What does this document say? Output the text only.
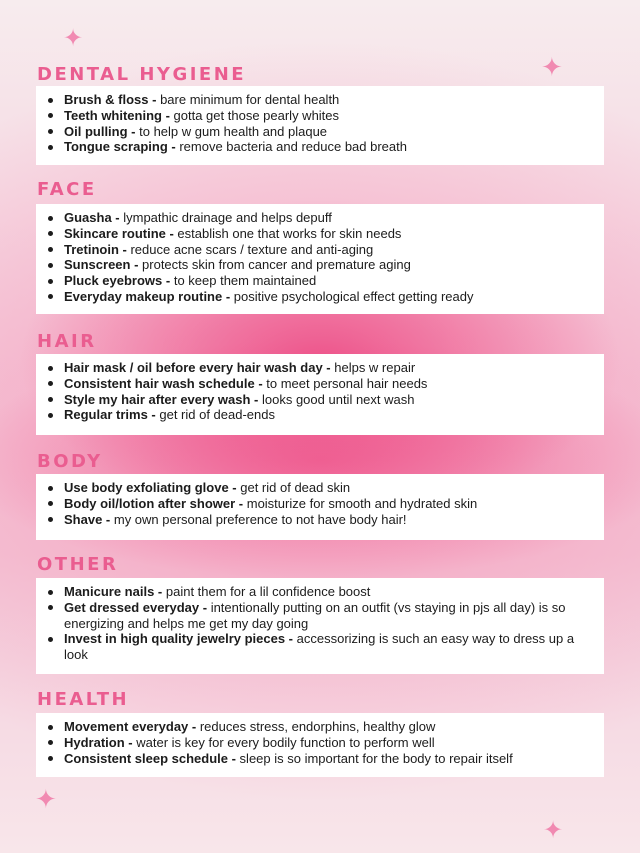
✦
✦
✦
✦
DENTAL HYGIENE
Brush & floss - bare minimum for dental health
Teeth whitening - gotta get those pearly whites
Oil pulling - to help w gum health and plaque
Tongue scraping - remove bacteria and reduce bad breath
FACE
Guasha - lympathic drainage and helps depuff
Skincare routine - establish one that works for skin needs
Tretinoin - reduce acne scars / texture and anti-aging
Sunscreen - protects skin from cancer and premature aging
Pluck eyebrows - to keep them maintained
Everyday makeup routine - positive psychological effect getting ready
HAIR
Hair mask / oil before every hair wash day - helps w repair
Consistent hair wash schedule - to meet personal hair needs
Style my hair after every wash - looks good until next wash
Regular trims - get rid of dead-ends
BODY
Use body exfoliating glove - get rid of dead skin
Body oil/lotion after shower - moisturize for smooth and hydrated skin
Shave - my own personal preference to not have body hair!
OTHER
Manicure nails - paint them for a lil confidence boost
Get dressed everyday - intentionally putting on an outfit (vs staying in pjs all day) is so energizing and helps me get my day going
Invest in high quality jewelry pieces - accessorizing is such an easy way to dress up a look
HEALTH
Movement everyday - reduces stress, endorphins, healthy glow
Hydration - water is key for every bodily function to perform well
Consistent sleep schedule - sleep is so important for the body to repair itself
